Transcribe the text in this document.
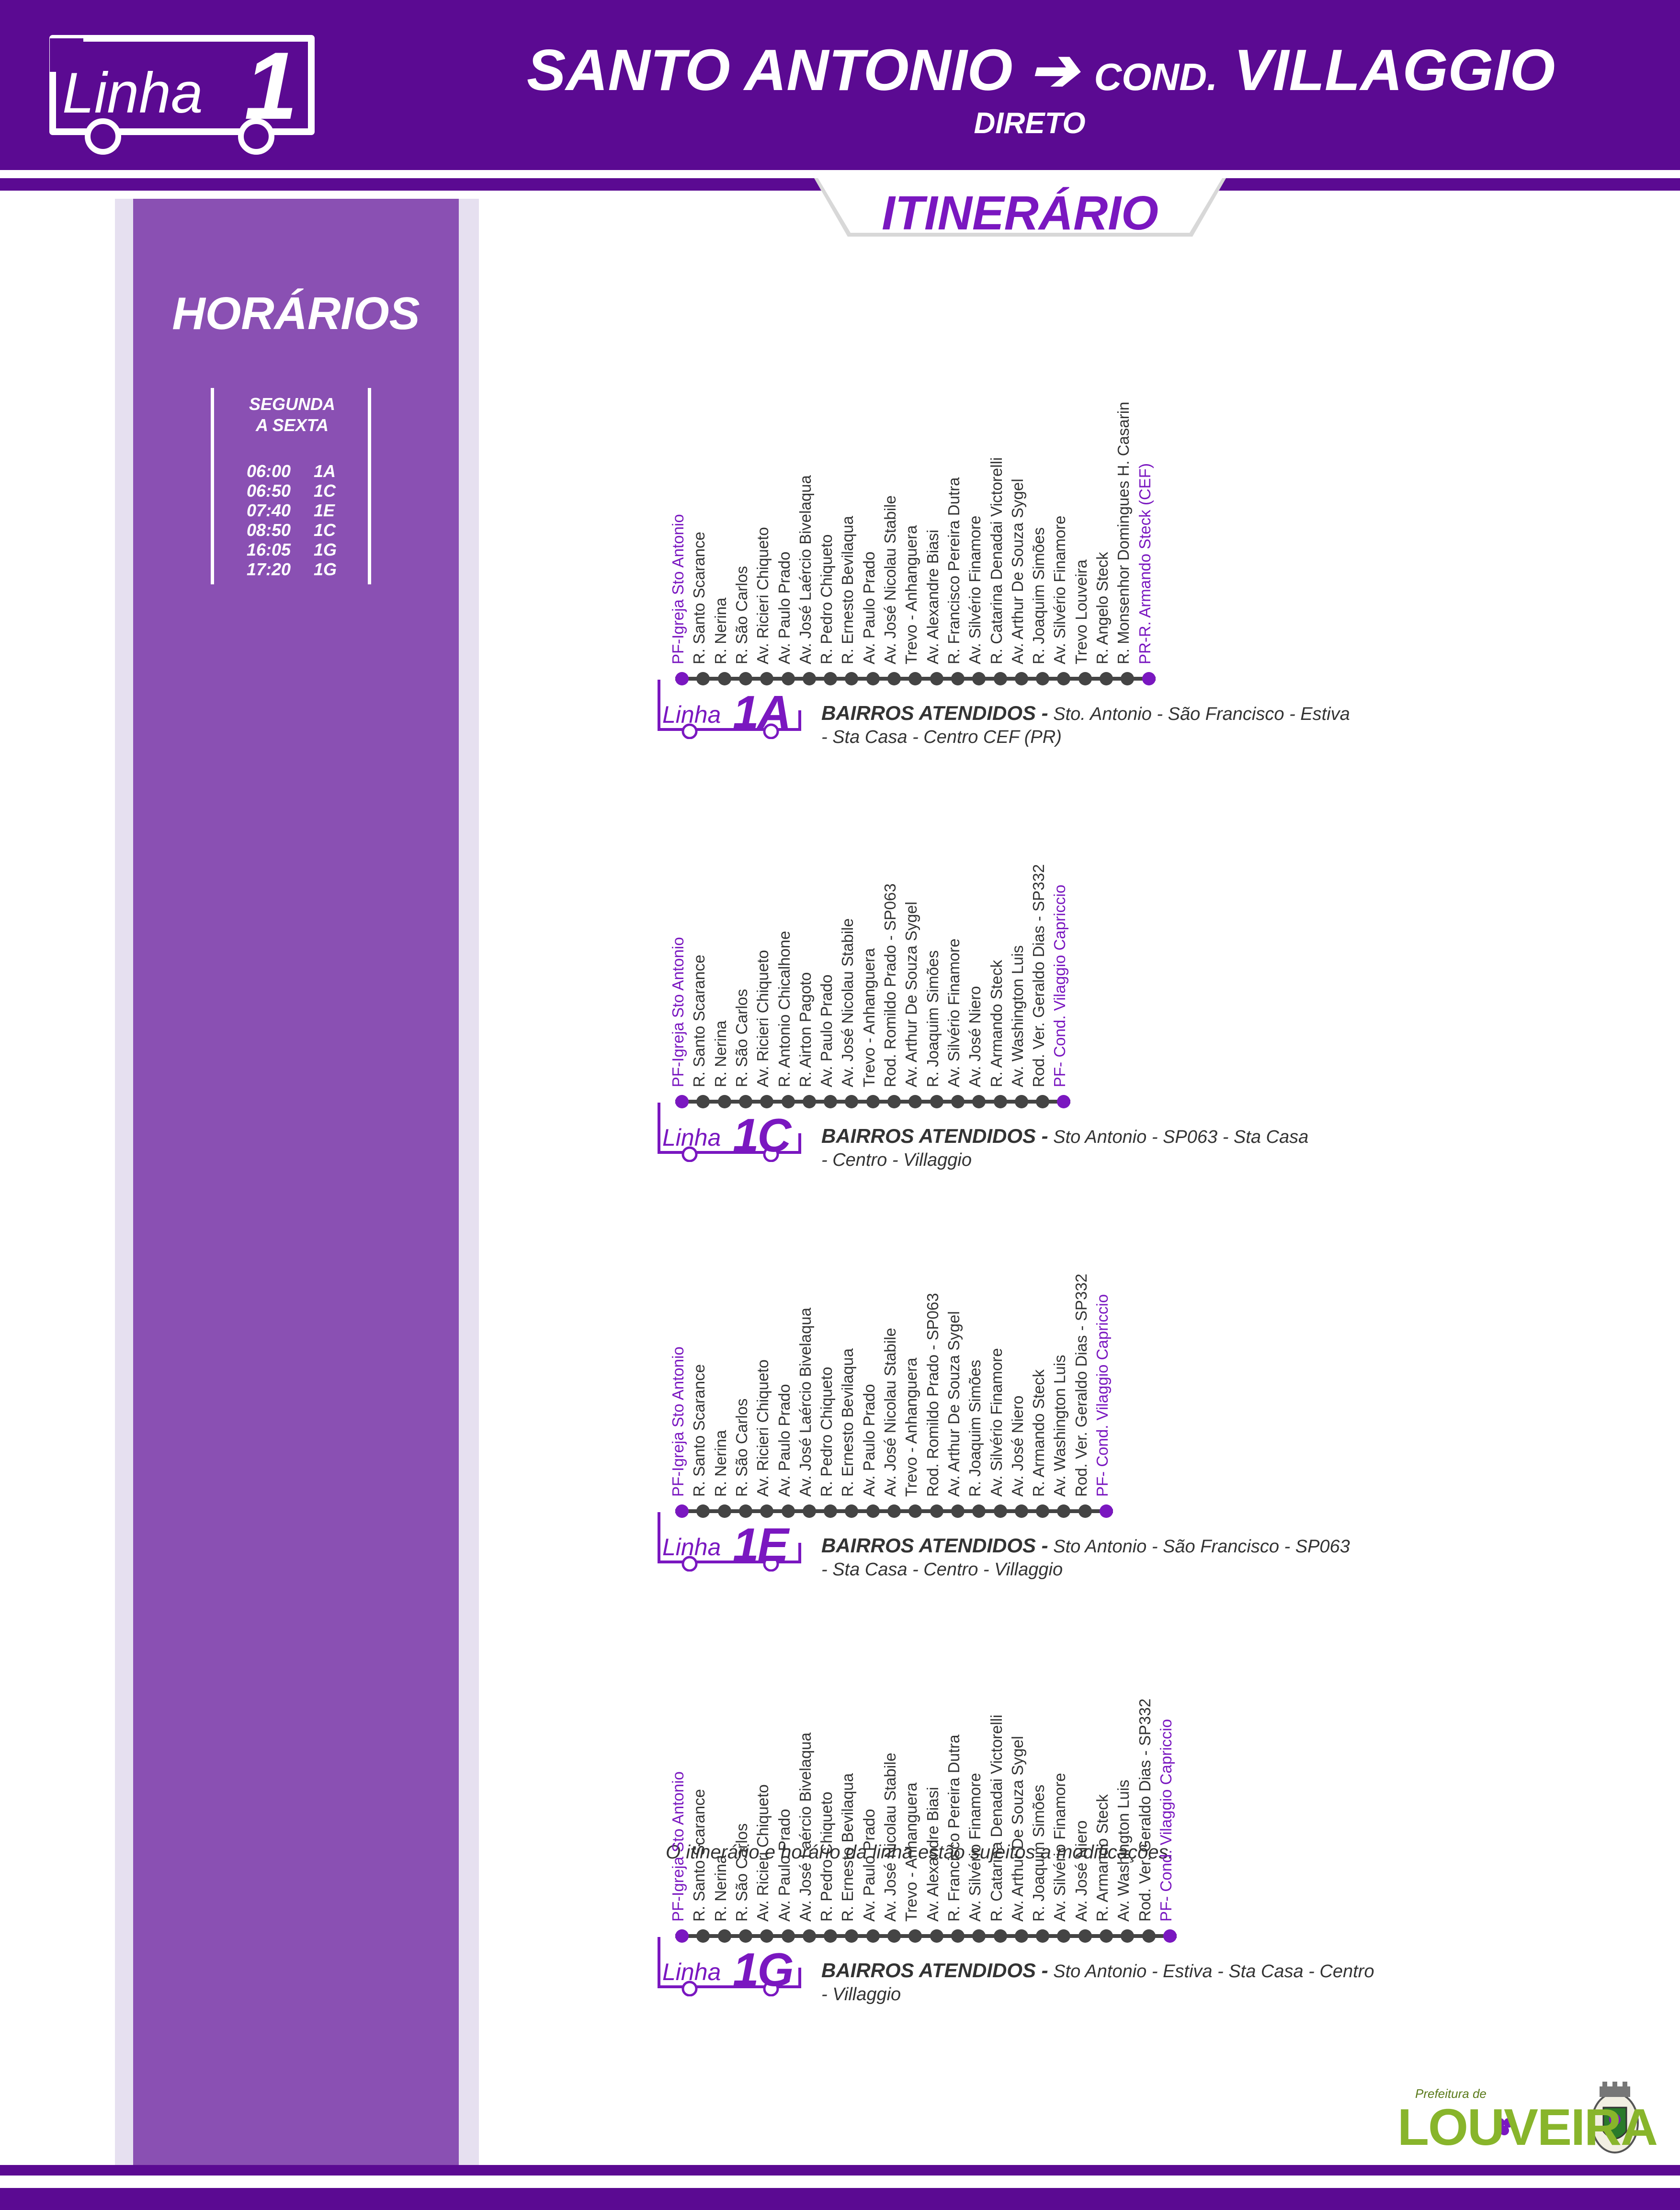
Linha 1	SANTO ANTONIO ➔ COND. VILLAGGIO
DIRETO
ITINERÁRIO
HORÁRIOS
SEGUNDA
A SEXTA
06:00 1A
06:50 1C
07:40 1E
08:50 1C
16:05 1G
17:20 1G
O itinerário e horário da linha estão sujeitos a modificações.
Prefeitura de
LOUVEIRA
PF-Igreja Sto Antonio R. Santo Scarance R. Nerina R. São Carlos Av. Ricieri Chiqueto Av. Paulo Prado Av. José Laércio Bivelaqua R. Pedro Chiqueto R. Ernesto Bevilaqua Av. Paulo Prado Av. José Nicolau Stabile Trevo - Anhanguera Av. Alexandre Biasi R. Francisco Pereira Dutra Av. Silvério Finamore R. Catarina Denadai Victorelli Av. Arthur De Souza Sygel R. Joaquim Simões Av. Silvério Finamore Trevo Louveira R. Angelo Steck R. Monsenhor Domingues H. Casarin PR-R. Armando Steck (CEF)
Linha 1A BAIRROS ATENDIDOS - Sto. Antonio - São Francisco - Estiva
- Sta Casa - Centro CEF (PR)
PF-Igreja Sto Antonio R. Santo Scarance R. Nerina R. São Carlos Av. Ricieri Chiqueto R. Antonio Chicalhone R. Airton Pagoto Av. Paulo Prado Av. José Nicolau Stabile Trevo - Anhanguera Rod. Romildo Prado - SP063 Av. Arthur De Souza Sygel R. Joaquim Simões Av. Silvério Finamore Av. José Niero R. Armando Steck Av. Washington Luis Rod. Ver. Geraldo Dias - SP332 PF- Cond. Vilaggio Capriccio
Linha 1C BAIRROS ATENDIDOS - Sto Antonio - SP063 - Sta Casa
- Centro - Villaggio
PF-Igreja Sto Antonio R. Santo Scarance R. Nerina R. São Carlos Av. Ricieri Chiqueto Av. Paulo Prado Av. José Laércio Bivelaqua R. Pedro Chiqueto R. Ernesto Bevilaqua Av. Paulo Prado Av. José Nicolau Stabile Trevo - Anhanguera Rod. Romildo Prado - SP063 Av. Arthur De Souza Sygel R. Joaquim Simões Av. Silvério Finamore Av. José Niero R. Armando Steck Av. Washington Luis Rod. Ver. Geraldo Dias - SP332 PF- Cond. Vilaggio Capriccio
Linha 1E BAIRROS ATENDIDOS - Sto Antonio - São Francisco - SP063
- Sta Casa - Centro - Villaggio
PF-Igreja Sto Antonio R. Santo Scarance R. Nerina R. São Carlos Av. Ricieri Chiqueto Av. Paulo Prado Av. José Laércio Bivelaqua R. Pedro Chiqueto R. Ernesto Bevilaqua Av. Paulo Prado Av. José Nicolau Stabile Trevo - Anhanguera Av. Alexandre Biasi R. Francisco Pereira Dutra Av. Silvério Finamore R. Catarina Denadai Victorelli Av. Arthur De Souza Sygel R. Joaquim Simões Av. Silvério Finamore Av. José Niero R. Armando Steck Av. Washington Luis Rod. Ver. Geraldo Dias - SP332 PF- Cond. Vilaggio Capriccio
Linha 1G BAIRROS ATENDIDOS - Sto Antonio - Estiva - Sta Casa - Centro
- Villaggio
